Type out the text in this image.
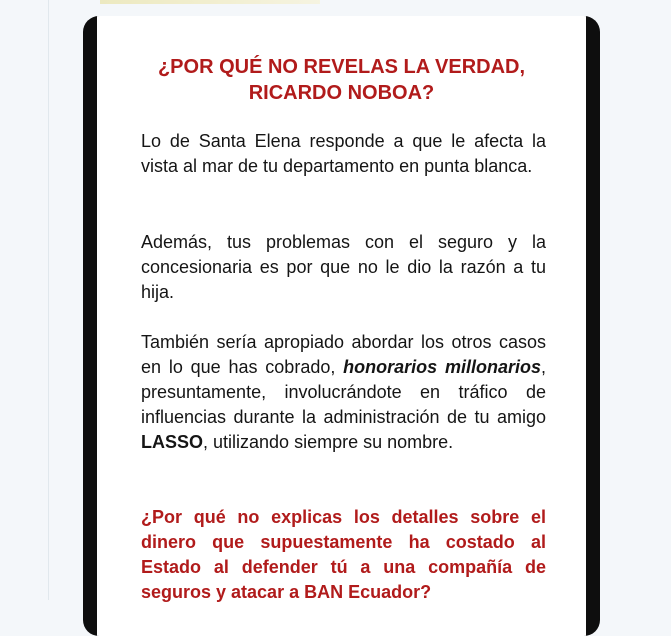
¿POR QUÉ NO REVELAS LA VERDAD,
RICARDO NOBOA?
Lo de Santa Elena responde a que le afecta la vista al mar de tu departamento en punta blanca.
Además, tus problemas con el seguro y la concesionaria es por que no le dio la razón a tu hija.
También sería apropiado abordar los otros casos en lo que has cobrado, honorarios millonarios, presuntamente, involucrándote en tráfico de influencias durante la administración de tu amigo LASSO, utilizando siempre su nombre.
¿Por qué no explicas los detalles sobre el dinero que supuestamente ha costado al Estado al defender tú a una compañía de seguros y atacar a BAN Ecuador?
